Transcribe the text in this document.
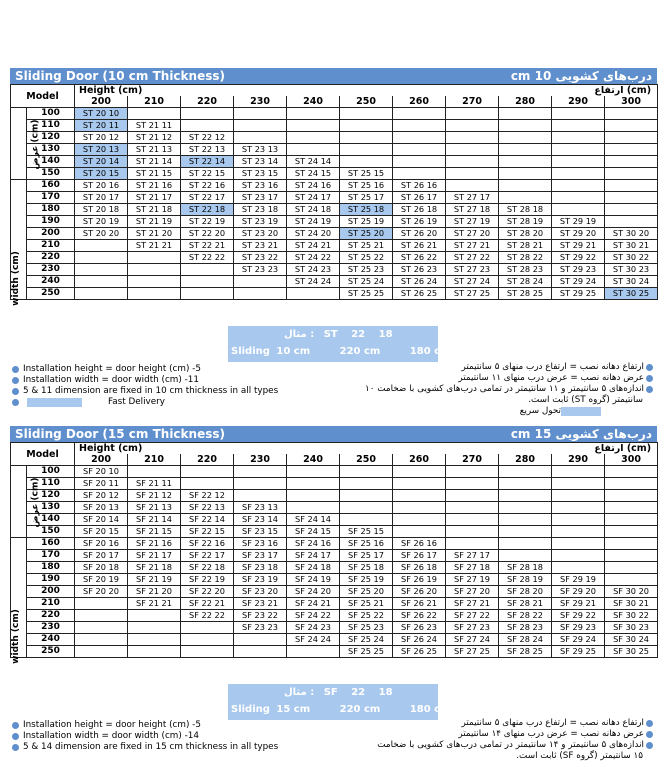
Sliding Door (10 cm Thickness)	درب‌های کشویی 10 cm
Model		Height (cm) ارتفاع (cm)										

		200	210	220	230	240	250	260	270	280	290	300
عرض (cm)	100	ST 20 10										
	110	ST 20 11	ST 21 11									
	120	ST 20 12	ST 21 12	ST 22 12								
	130	ST 20 13	ST 21 13	ST 22 13	ST 23 13							
	140	ST 20 14	ST 21 14	ST 22 14	ST 23 14	ST 24 14						
	150	ST 20 15	ST 21 15	ST 22 15	ST 23 15	ST 24 15	ST 25 15					

width (cm)	160	ST 20 16	ST 21 16	ST 22 16	ST 23 16	ST 24 16	ST 25 16	ST 26 16				
	170	ST 20 17	ST 21 17	ST 22 17	ST 23 17	ST 24 17	ST 25 17	ST 26 17	ST 27 17			
	180	ST 20 18	ST 21 18	ST 22 18	ST 23 18	ST 24 18	ST 25 18	ST 26 18	ST 27 18	ST 28 18		
	190	ST 20 19	ST 21 19	ST 22 19	ST 23 19	ST 24 19	ST 25 19	ST 26 19	ST 27 19	ST 28 19	ST 29 19	
	200	ST 20 20	ST 21 20	ST 22 20	ST 23 20	ST 24 20	ST 25 20	ST 26 20	ST 27 20	ST 28 20	ST 29 20	ST 30 20
	210		ST 21 21	ST 22 21	ST 23 21	ST 24 21	ST 25 21	ST 26 21	ST 27 21	ST 28 21	ST 29 21	ST 30 21
	220			ST 22 22	ST 23 22	ST 24 22	ST 25 22	ST 26 22	ST 27 22	ST 28 22	ST 29 22	ST 30 22
	230				ST 23 23	ST 24 23	ST 25 23	ST 26 23	ST 27 23	ST 28 23	ST 29 23	ST 30 23
	240					ST 24 24	ST 25 24	ST 26 24	ST 27 24	ST 28 24	ST 29 24	ST 30 24
	250						ST 25 25	ST 26 25	ST 27 25	ST 28 25	ST 29 25	ST 30 25
مثال : ST 22 18
Sliding 10 cm	220 cm	180 cm
Installation height = door height (cm) -5
Installation width = door width (cm) -11
5 & 11 dimension are fixed in 10 cm thickness in all types
Fast Delivery
ارتفاع دهانه نصب = ارتفاع درب منهای ۵ سانتیمتر
عرض دهانه نصب = عرض درب منهای ۱۱ سانتیمتر
اندازه‌های ۵ سانتیمتر و ۱۱ سانتیمتر در تمامی درب‌های کشویی با ضخامت ۱۰
سانتیمتر (گروه ST) ثابت است.
تحول سریع
Sliding Door (15 cm Thickness)	درب‌های کشویی 15 cm
Model		Height (cm) ارتفاع (cm)										

		200	210	220	230	240	250	260	270	280	290	300
عرض (cm)	100	SF 20 10										
	110	SF 20 11	SF 21 11									
	120	SF 20 12	SF 21 12	SF 22 12								
	130	SF 20 13	SF 21 13	SF 22 13	SF 23 13							
	140	SF 20 14	SF 21 14	SF 22 14	SF 23 14	SF 24 14						
	150	SF 20 15	SF 21 15	SF 22 15	SF 23 15	SF 24 15	SF 25 15					

width (cm)	160	SF 20 16	SF 21 16	SF 22 16	SF 23 16	SF 24 16	SF 25 16	SF 26 16				
	170	SF 20 17	SF 21 17	SF 22 17	SF 23 17	SF 24 17	SF 25 17	SF 26 17	SF 27 17			
	180	SF 20 18	SF 21 18	SF 22 18	SF 23 18	SF 24 18	SF 25 18	SF 26 18	SF 27 18	SF 28 18		
	190	SF 20 19	SF 21 19	SF 22 19	SF 23 19	SF 24 19	SF 25 19	SF 26 19	SF 27 19	SF 28 19	SF 29 19	
	200	SF 20 20	SF 21 20	SF 22 20	SF 23 20	SF 24 20	SF 25 20	SF 26 20	SF 27 20	SF 28 20	SF 29 20	SF 30 20
	210		SF 21 21	SF 22 21	SF 23 21	SF 24 21	SF 25 21	SF 26 21	SF 27 21	SF 28 21	SF 29 21	SF 30 21
	220			SF 22 22	SF 23 22	SF 24 22	SF 25 22	SF 26 22	SF 27 22	SF 28 22	SF 29 22	SF 30 22
	230				SF 23 23	SF 24 23	SF 25 23	SF 26 23	SF 27 23	SF 28 23	SF 29 23	SF 30 23
	240					SF 24 24	SF 25 24	SF 26 24	SF 27 24	SF 28 24	SF 29 24	SF 30 24
	250						SF 25 25	SF 26 25	SF 27 25	SF 28 25	SF 29 25	SF 30 25
مثال : SF 22 18
Sliding 15 cm	220 cm	180 cm
Installation height = door height (cm) -5
Installation width = door width (cm) -14
5 & 14 dimension are fixed in 15 cm thickness in all types
ارتفاع دهانه نصب = ارتفاع درب منهای ۵ سانتیمتر
عرض دهانه نصب = عرض درب منهای ۱۴ سانتیمتر
اندازه‌های ۵ سانتیمتر و ۱۴ سانتیمتر در تمامی درب‌های کشویی با ضخامت
۱۵ سانتیمتر (گروه SF) ثابت است.
